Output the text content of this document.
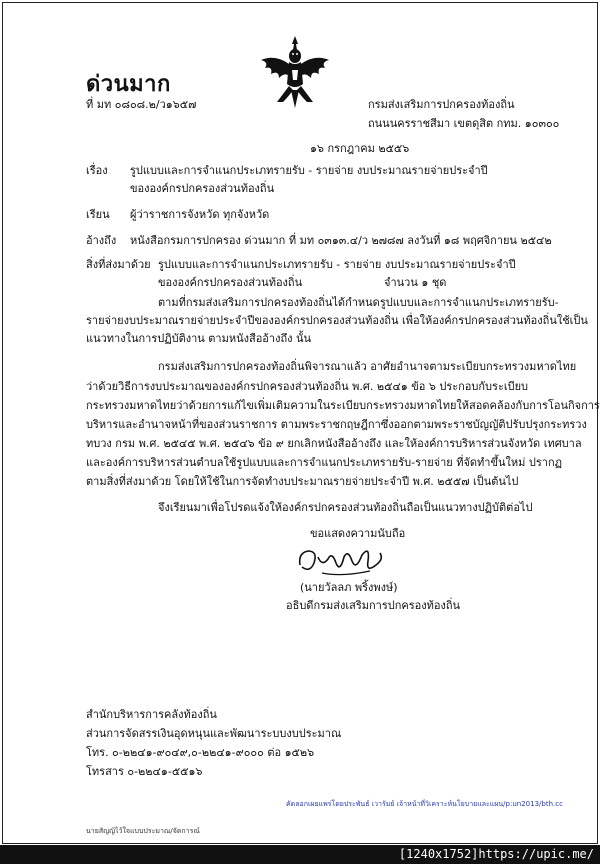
ด่วนมาก
ที่ มท ๐๘๐๘.๒/ว๑๖๕๗	กรมส่งเสริมการปกครองท้องถิ่น
ถนนนครราชสีมา เขตดุสิต กทม. ๑๐๓๐๐
๑๖ กรกฎาคม ๒๕๕๖
เรื่อง รูปแบบและการจำแนกประเภทรายรับ - รายจ่าย งบประมาณรายจ่ายประจำปี
ขององค์กรปกครองส่วนท้องถิ่น
เรียน ผู้ว่าราชการจังหวัด ทุกจังหวัด
อ้างถึง หนังสือกรมการปกครอง ด่วนมาก ที่ มท ๐๓๑๓.๔/ว ๒๗๘๗ ลงวันที่ ๑๘ พฤศจิกายน ๒๕๔๒
สิ่งที่ส่งมาด้วย รูปแบบและการจำแนกประเภทรายรับ - รายจ่าย งบประมาณรายจ่ายประจำปี
ขององค์กรปกครองส่วนท้องถิ่น	จำนวน ๑ ชุด
ตามที่กรมส่งเสริมการปกครองท้องถิ่นได้กำหนดรูปแบบและการจำแนกประเภทรายรับ-
รายจ่ายงบประมาณรายจ่ายประจำปีขององค์กรปกครองส่วนท้องถิ่น เพื่อให้องค์กรปกครองส่วนท้องถิ่นใช้เป็น
แนวทางในการปฏิบัติงาน ตามหนังสืออ้างถึง นั้น
กรมส่งเสริมการปกครองท้องถิ่นพิจารณาแล้ว อาศัยอำนาจตามระเบียบกระทรวงมหาดไทย
ว่าด้วยวิธีการงบประมาณขององค์กรปกครองส่วนท้องถิ่น พ.ศ. ๒๕๔๑ ข้อ ๖ ประกอบกับระเบียบ
กระทรวงมหาดไทยว่าด้วยการแก้ไขเพิ่มเติมความในระเบียบกระทรวงมหาดไทยให้สอดคล้องกับการโอนกิจการ
บริหารและอำนาจหน้าที่ของส่วนราชการ ตามพระราชกฤษฎีกาซึ่งออกตามพระราชบัญญัติปรับปรุงกระทรวง
ทบวง กรม พ.ศ. ๒๕๔๕ พ.ศ. ๒๕๔๖ ข้อ ๙ ยกเลิกหนังสืออ้างถึง และให้องค์การบริหารส่วนจังหวัด เทศบาล
และองค์การบริหารส่วนตำบลใช้รูปแบบและการจำแนกประเภทรายรับ-รายจ่าย ที่จัดทำขึ้นใหม่ ปรากฏ
ตามสิ่งที่ส่งมาด้วย โดยให้ใช้ในการจัดทำงบประมาณรายจ่ายประจำปี พ.ศ. ๒๕๕๗ เป็นต้นไป
จึงเรียนมาเพื่อโปรดแจ้งให้องค์กรปกครองส่วนท้องถิ่นถือเป็นแนวทางปฏิบัติต่อไป
ขอแสดงความนับถือ
(นายวัลลภ พริ้งพงษ์)
อธิบดีกรมส่งเสริมการปกครองท้องถิ่น
สำนักบริหารการคลังท้องถิ่น
ส่วนการจัดสรรเงินอุดหนุนและพัฒนาระบบงบประมาณ
โทร. ๐-๒๒๔๑-๙๐๔๙,๐-๒๒๔๑-๙๐๐๐ ต่อ ๑๕๒๖
โทรสาร ๐-๒๒๔๑-๕๕๑๖
คัดลอกเผยแพร่โดยประพันธ์ เวารัมย์ เจ้าหน้าที่วิเคราะห์นโยบายและแผน/p:un2013/bth.cc
นายสัญญิไว้ใจแบบประมาณ/จัดการณ์
[1240x1752]https://upic.me/
